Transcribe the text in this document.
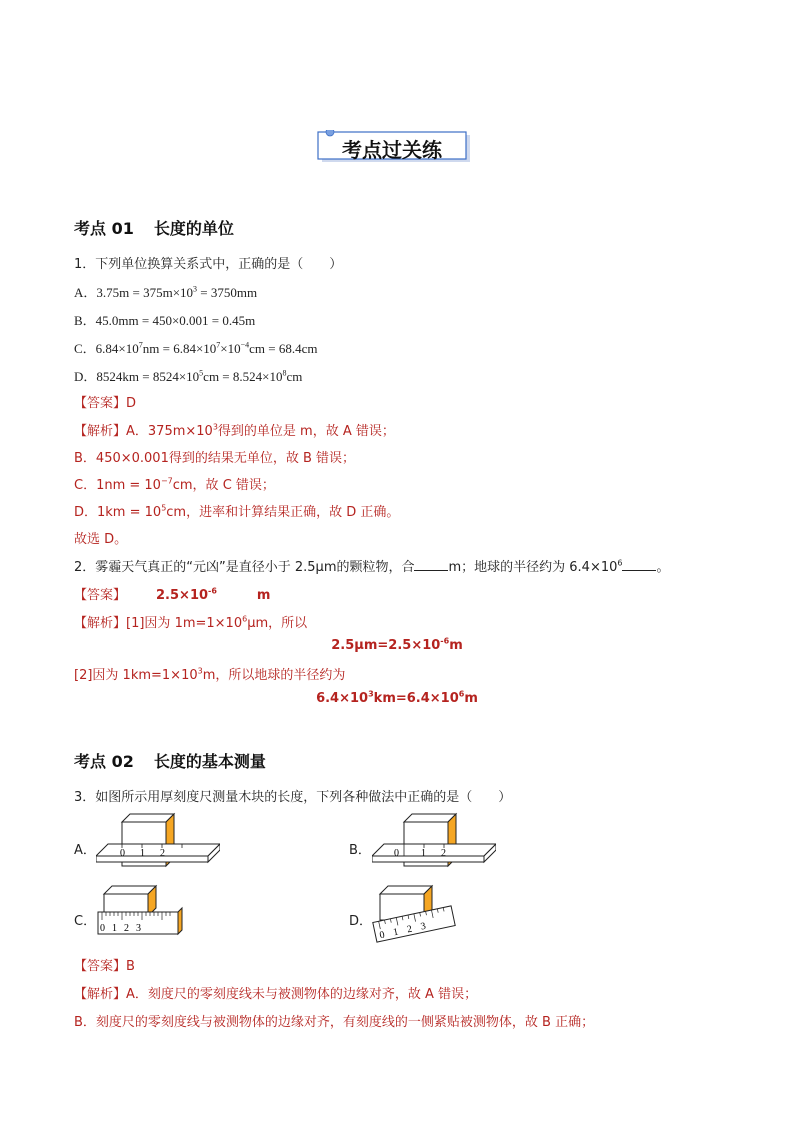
考点过关练
考点 01 长度的单位
1．下列单位换算关系式中，正确的是（　　）
A．$3.75m = 375m\times 10^3 = 3750mm$
B．45.0mm = 450×0.001 = 0.45m
C．$6.84\times 10^7nm = 6.84\times 10^7\times 10^{-4}cm = 68.4cm$
D．$8524km = 8524\times 10^5cm = 8.524\times 10^8cm$
【答案】D
【解析】A．$375m\times 10^3$得到的单位是 m，故 A 错误；
B．450×0.001得到的结果无单位，故 B 错误；
C．$1nm = 10^{-7}cm$，故 C 错误；
D．$1km = 10^5cm$，进率和计算结果正确，故 D 正确。
故选 D。
2．雾霾天气真正的“元凶”是直径小于 2.5μm的颗粒物，合	m；地球的半径约为 $6.4\times 10^6$	。
【答案】 $2.5\times 10^{-6}$	m
【解析】[1]因为 $1m=1\times 10^6\mu m$，所以
$2.5\mu m=2.5\times 10^{-6}m$
[2]因为 $1km=1\times 10^3m$，所以地球的半径约为
$6.4\times 10^3km=6.4\times 10^6m$
考点 02 长度的基本测量
3．如图所示用厚刻度尺测量木块的长度，下列各种做法中正确的是（　　）
A． 0 1 2	B． 0 1 2
C． 0 1 2 3	D．
0 1 2 3
【答案】B
【解析】A．刻度尺的零刻度线未与被测物体的边缘对齐，故 A 错误；
B．刻度尺的零刻度线与被测物体的边缘对齐，有刻度线的一侧紧贴被测物体，故 B 正确；
